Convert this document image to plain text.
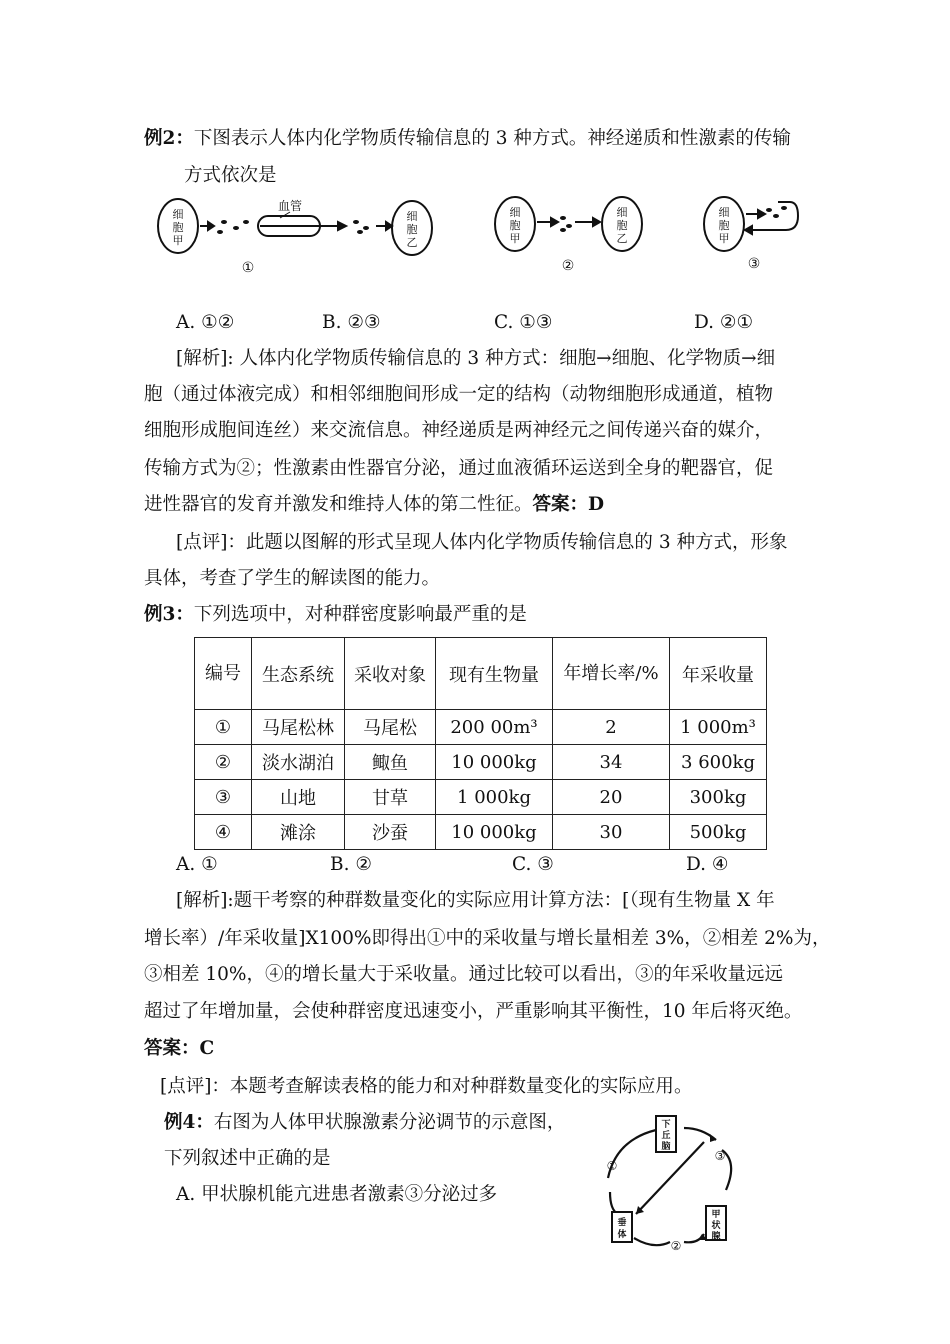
例2：下图表示人体内化学物质传输信息的 3 种方式。神经递质和性激素的传输
方式依次是
细
胞
甲
细
胞
乙
细
胞
甲
细
胞
乙
细
胞
甲
血管
①	②	③
A. ①②	B. ②③	C. ①③	D. ②①
[解析]: 人体内化学物质传输信息的 3 种方式：细胞→细胞、化学物质→细
胞（通过体液完成）和相邻细胞间形成一定的结构（动物细胞形成通道，植物
细胞形成胞间连丝）来交流信息。神经递质是两神经元之间传递兴奋的媒介，
传输方式为②；性激素由性器官分泌，通过血液循环运送到全身的靶器官，促
进性器官的发育并激发和维持人体的第二性征。答案：D
[点评]：此题以图解的形式呈现人体内化学物质传输信息的 3 种方式，形象
具体，考查了学生的解读图的能力。
例3：下列选项中，对种群密度影响最严重的是
编号	生态系统	采收对象	现有生物量	年增长率/%	年采收量
①	马尾松林	马尾松	200 00m³	2	1 000m³
②	淡水湖泊	鲰鱼	10 000kg	34	3 600kg
③	山地	甘草	1 000kg	20	300kg
④	滩涂	沙蚕	10 000kg	30	500kg
A. ①	B. ②	C. ③	D. ④
[解析]:题干考察的种群数量变化的实际应用计算方法：[（现有生物量 X 年
增长率）/年采收量]X100%即得出①中的采收量与增长量相差 3%，②相差 2%为，
③相差 10%，④的增长量大于采收量。通过比较可以看出，③的年采收量远远
超过了年增加量，会使种群密度迅速变小，严重影响其平衡性，10 年后将灭绝。
答案：C
[点评]：本题考查解读表格的能力和对种群数量变化的实际应用。
例4：右图为人体甲状腺激素分泌调节的示意图，
下列叙述中正确的是
A. 甲状腺机能亢进患者激素③分泌过多
下
丘
脑
垂
体
甲
状
腺
①
②
③
